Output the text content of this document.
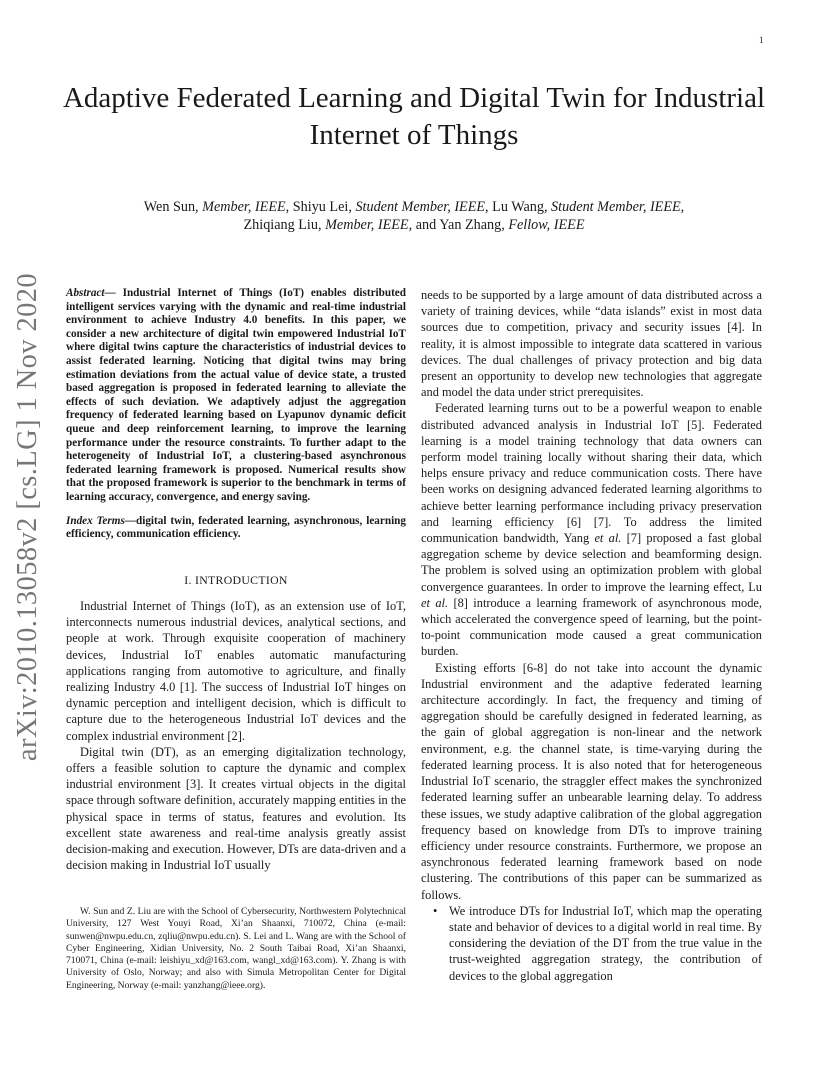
1
Adaptive Federated Learning and Digital Twin for Industrial Internet of Things
Wen Sun, Member, IEEE, Shiyu Lei, Student Member, IEEE, Lu Wang, Student Member, IEEE,
Zhiqiang Liu, Member, IEEE, and Yan Zhang, Fellow, IEEE
arXiv:2010.13058v2 [cs.LG] 1 Nov 2020 Abstract— Industrial Internet of Things (IoT) enables distributed intelligent services varying with the dynamic and real-time industrial environment to achieve Industry 4.0 benefits. In this paper, we consider a new architecture of digital twin empowered Industrial IoT where digital twins capture the characteristics of industrial devices to assist federated learning. Noticing that digital twins may bring estimation deviations from the actual value of device state, a trusted based aggregation is proposed in federated learning to alleviate the effects of such deviation. We adaptively adjust the aggregation frequency of federated learning based on Lyapunov dynamic deficit queue and deep reinforcement learning, to improve the learning performance under the resource constraints. To further adapt to the heterogeneity of Industrial IoT, a clustering-based asynchronous federated learning framework is proposed. Numerical results show that the proposed framework is superior to the benchmark in terms of learning accuracy, convergence, and energy saving.

Index Terms—digital twin, federated learning, asynchronous, learning efficiency, communication efficiency.

I. INTRODUCTION

Industrial Internet of Things (IoT), as an extension use of IoT, interconnects numerous industrial devices, analytical sections, and people at work. Through exquisite cooperation of machinery devices, Industrial IoT enables automatic manufacturing applications ranging from automotive to agriculture, and finally realizing Industry 4.0 [1]. The success of Industrial IoT hinges on dynamic perception and intelligent decision, which is difficult to capture due to the heterogeneous Industrial IoT devices and the complex industrial environment [2].

Digital twin (DT), as an emerging digitalization technology, offers a feasible solution to capture the dynamic and complex industrial environment [3]. It creates virtual objects in the digital space through software definition, accurately mapping entities in the physical space in terms of status, features and evolution. Its excellent state awareness and real-time analysis greatly assist decision-making and execution. However, DTs are data-driven and a decision making in Industrial IoT usually

W. Sun and Z. Liu are with the School of Cybersecurity, Northwestern Polytechnical University, 127 West Youyi Road, Xi’an Shaanxi, 710072, China (e-mail: sunwen@nwpu.edu.cn, zqliu@nwpu.edu.cn). S. Lei and L. Wang are with the School of Cyber Engineering, Xidian University, No. 2 South Taibai Road, Xi’an Shaanxi, 710071, China (e-mail: leishiyu_xd@163.com, wangl_xd@163.com). Y. Zhang is with University of Oslo, Norway; and also with Simula Metropolitan Center for Digital Engineering, Norway (e-mail: yanzhang@ieee.org).

needs to be supported by a large amount of data distributed across a variety of training devices, while “data islands” exist in most data sources due to competition, privacy and security issues [4]. In reality, it is almost impossible to integrate data scattered in various devices. The dual challenges of privacy protection and big data present an opportunity to develop new technologies that aggregate and model the data under strict prerequisites.

Federated learning turns out to be a powerful weapon to enable distributed advanced analysis in Industrial IoT [5]. Federated learning is a model training technology that data owners can perform model training locally without sharing their data, which helps ensure privacy and reduce communication costs. There have been works on designing advanced federated learning algorithms to achieve better learning performance including privacy preservation and learning efficiency [6] [7]. To address the limited communication bandwidth, Yang et al. [7] proposed a fast global aggregation scheme by device selection and beamforming design. The problem is solved using an optimization problem with global convergence guarantees. In order to improve the learning effect, Lu et al. [8] introduce a learning framework of asynchronous mode, which accelerated the convergence speed of learning, but the point-to-point communication mode caused a great communication burden.

Existing efforts [6-8] do not take into account the dynamic Industrial environment and the adaptive federated learning architecture accordingly. In fact, the frequency and timing of aggregation should be carefully designed in federated learning, as the gain of global aggregation is non-linear and the network environment, e.g. the channel state, is time-varying during the federated learning process. It is also noted that for heterogeneous Industrial IoT scenario, the straggler effect makes the synchronized federated learning suffer an unbearable learning delay. To address these issues, we study adaptive calibration of the global aggregation frequency based on knowledge from DTs to improve training efficiency under resource constraints. Furthermore, we propose an asynchronous federated learning framework based on node clustering. The contributions of this paper can be summarized as follows.

• We introduce DTs for Industrial IoT, which map the operating state and behavior of devices to a digital world in real time. By considering the deviation of the DT from the true value in the trust-weighted aggregation strategy, the contribution of devices to the global aggregation
